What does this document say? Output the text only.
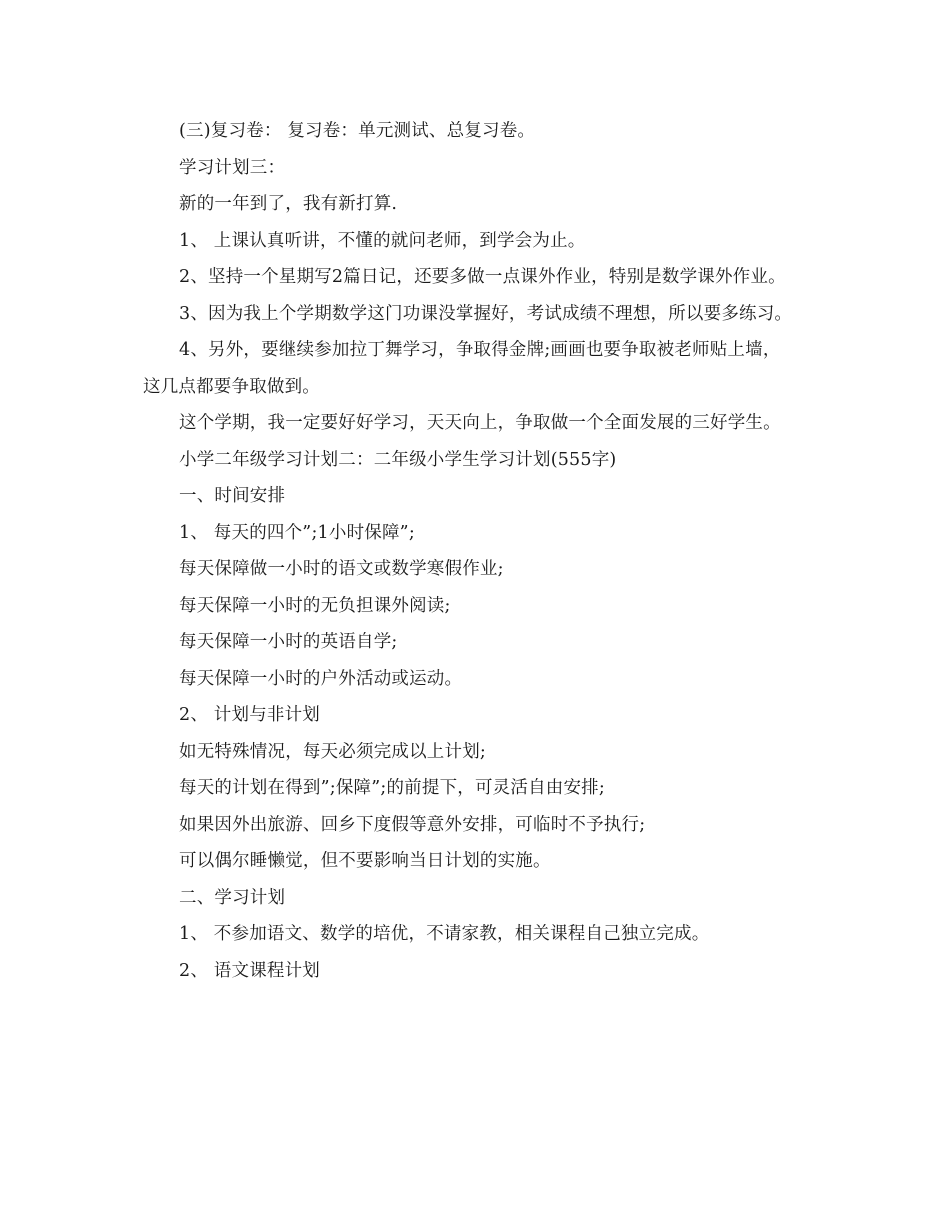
(三)复习卷： 复习卷：单元测试、总复习卷。

学习计划三：

新的一年到了，我有新打算.

1、 上课认真听讲，不懂的就问老师，到学会为止。

2、坚持一个星期写2篇日记，还要多做一点课外作业，特别是数学课外作业。

3、因为我上个学期数学这门功课没掌握好，考试成绩不理想，所以要多练习。

4、另外，要继续参加拉丁舞学习，争取得金牌;画画也要争取被老师贴上墙，这几点都要争取做到。

这个学期，我一定要好好学习，天天向上，争取做一个全面发展的三好学生。

小学二年级学习计划二：二年级小学生学习计划(555字)

一、时间安排

1、 每天的四个”;1小时保障”;

每天保障做一小时的语文或数学寒假作业;

每天保障一小时的无负担课外阅读;

每天保障一小时的英语自学;

每天保障一小时的户外活动或运动。

2、 计划与非计划

如无特殊情况，每天必须完成以上计划;

每天的计划在得到”;保障”;的前提下，可灵活自由安排;

如果因外出旅游、回乡下度假等意外安排，可临时不予执行;

可以偶尔睡懒觉，但不要影响当日计划的实施。

二、学习计划

1、 不参加语文、数学的培优，不请家教，相关课程自己独立完成。

2、 语文课程计划
